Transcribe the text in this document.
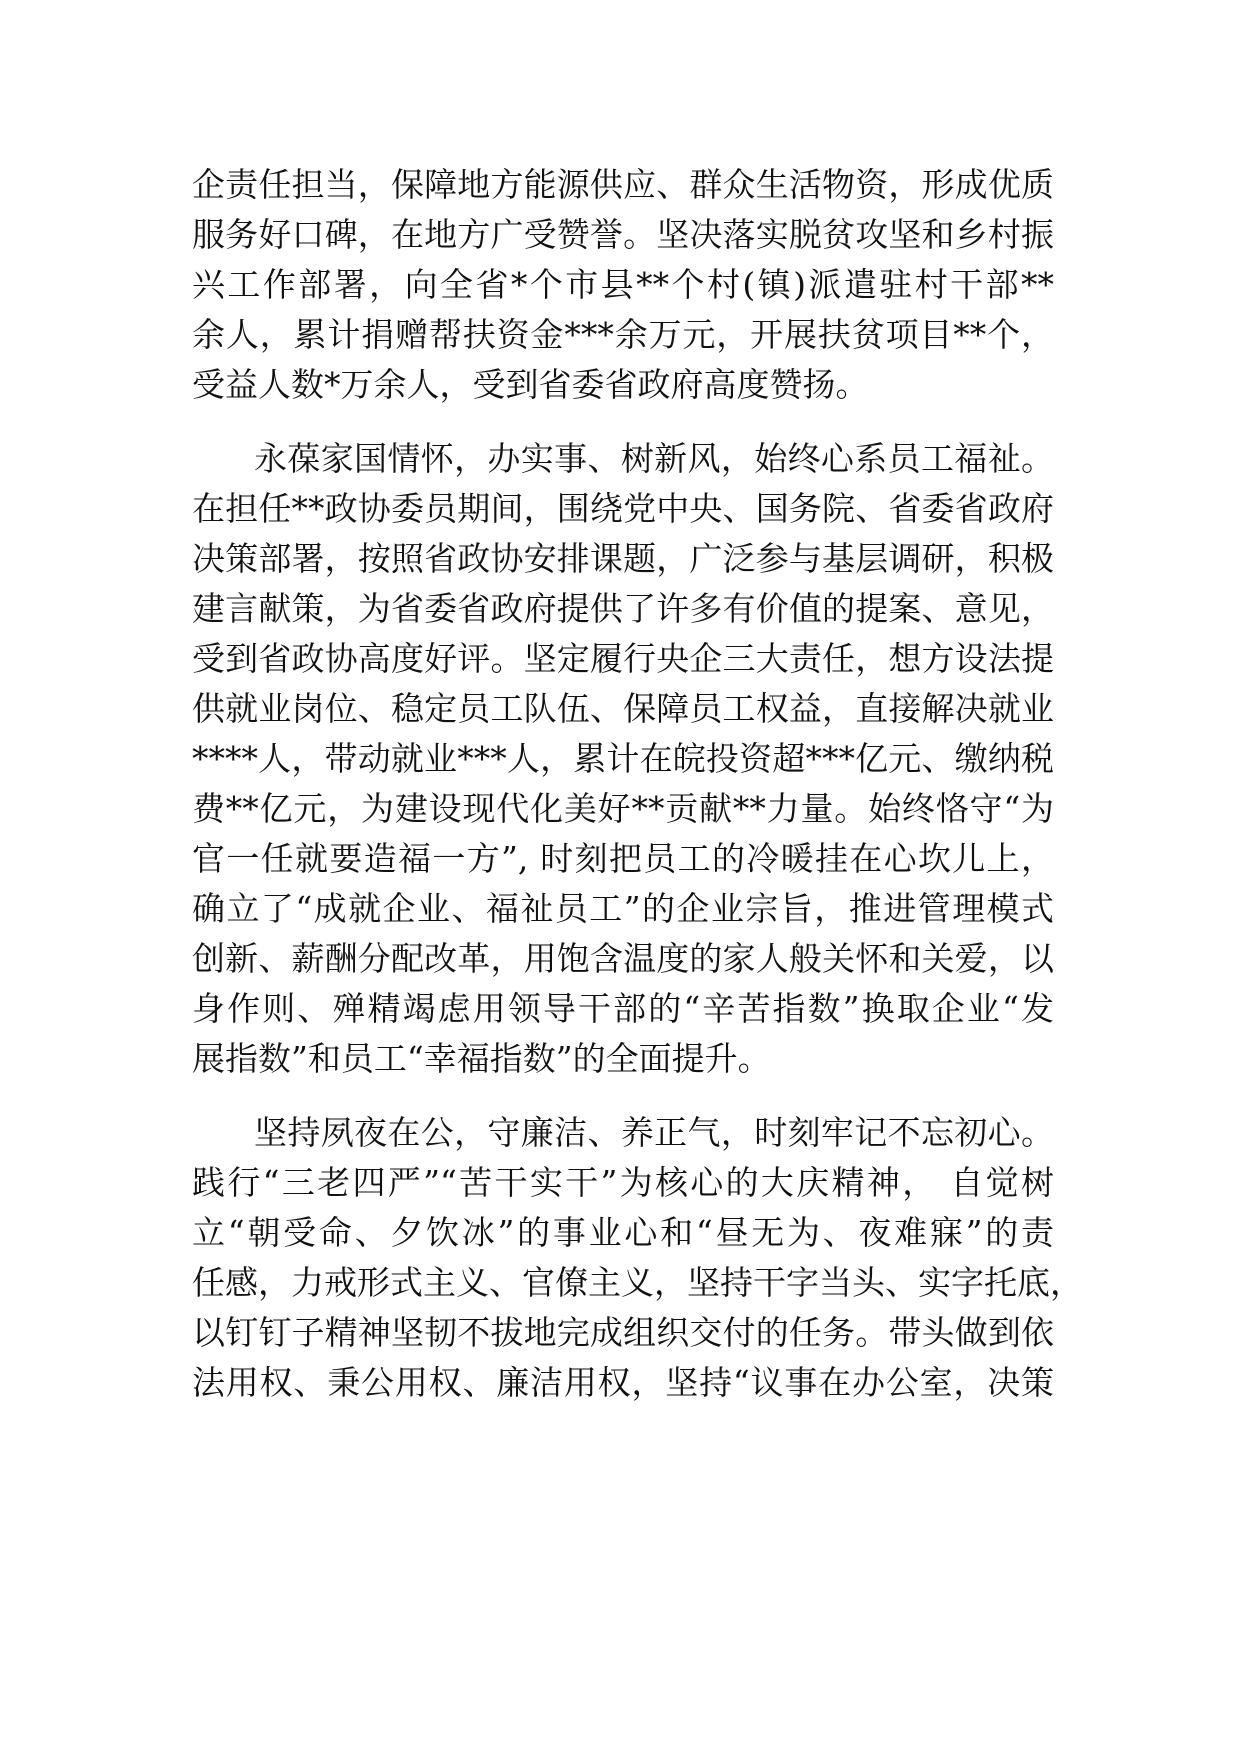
企责任担当，保障地方能源供应、群众生活物资，形成优质
服务好口碑，在地方广受赞誉。坚决落实脱贫攻坚和乡村振
兴工作部署，向全省*个市县**个村(镇)派遣驻村干部**
余人，累计捐赠帮扶资金***余万元，开展扶贫项目**个，
受益人数*万余人，受到省委省政府高度赞扬。
永葆家国情怀，办实事、树新风，始终心系员工福祉。
在担任**政协委员期间，围绕党中央、国务院、省委省政府
决策部署，按照省政协安排课题，广泛参与基层调研，积极
建言献策，为省委省政府提供了许多有价值的提案、意见，
受到省政协高度好评。坚定履行央企三大责任，想方设法提
供就业岗位、稳定员工队伍、保障员工权益，直接解决就业
****人，带动就业***人，累计在皖投资超***亿元、缴纳税
费**亿元，为建设现代化美好**贡献**力量。始终恪守“为
官一任就要造福一方”, 时刻把员工的冷暖挂在心坎儿上，
确立了“成就企业、福祉员工”的企业宗旨，推进管理模式
创新、薪酬分配改革，用饱含温度的家人般关怀和关爱，以
身作则、殚精竭虑用领导干部的“辛苦指数”换取企业“发
展指数”和员工“幸福指数”的全面提升。
坚持夙夜在公，守廉洁、养正气，时刻牢记不忘初心。
践行“三老四严”“苦干实干”为核心的大庆精神， 自觉树
立“朝受命、夕饮冰”的事业心和“昼无为、夜难寐”的责
任感，力戒形式主义、官僚主义，坚持干字当头、实字托底，
以钉钉子精神坚韧不拔地完成组织交付的任务。带头做到依
法用权、秉公用权、廉洁用权，坚持“议事在办公室，决策
